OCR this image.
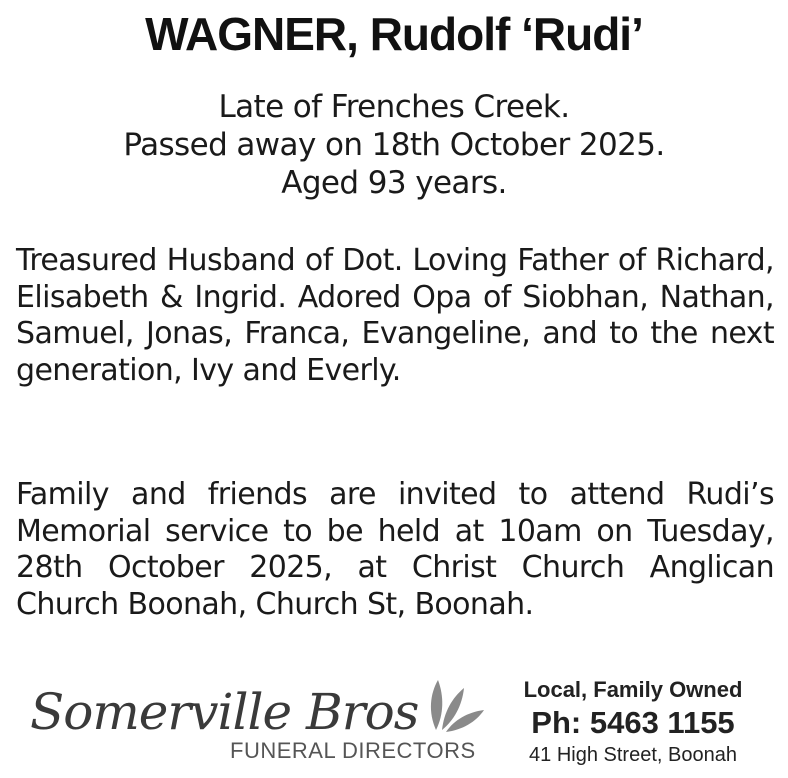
WAGNER, Rudolf ‘Rudi’
Late of Frenches Creek.
Passed away on 18th October 2025.
Aged 93 years.
Treasured Husband of Dot. Loving Father of Richard, Elisabeth & Ingrid. Adored Opa of Siobhan, Nathan, Samuel, Jonas, Franca, Evangeline, and to the next generation, Ivy and Everly.
Family and friends are invited to attend Rudi’s Memorial service to be held at 10am on Tuesday, 28th October 2025, at Christ Church Anglican Church Boonah, Church St, Boonah.
Somerville Bros
FUNERAL DIRECTORS
Local, Family Owned
Ph: 5463 1155
41 High Street, Boonah
